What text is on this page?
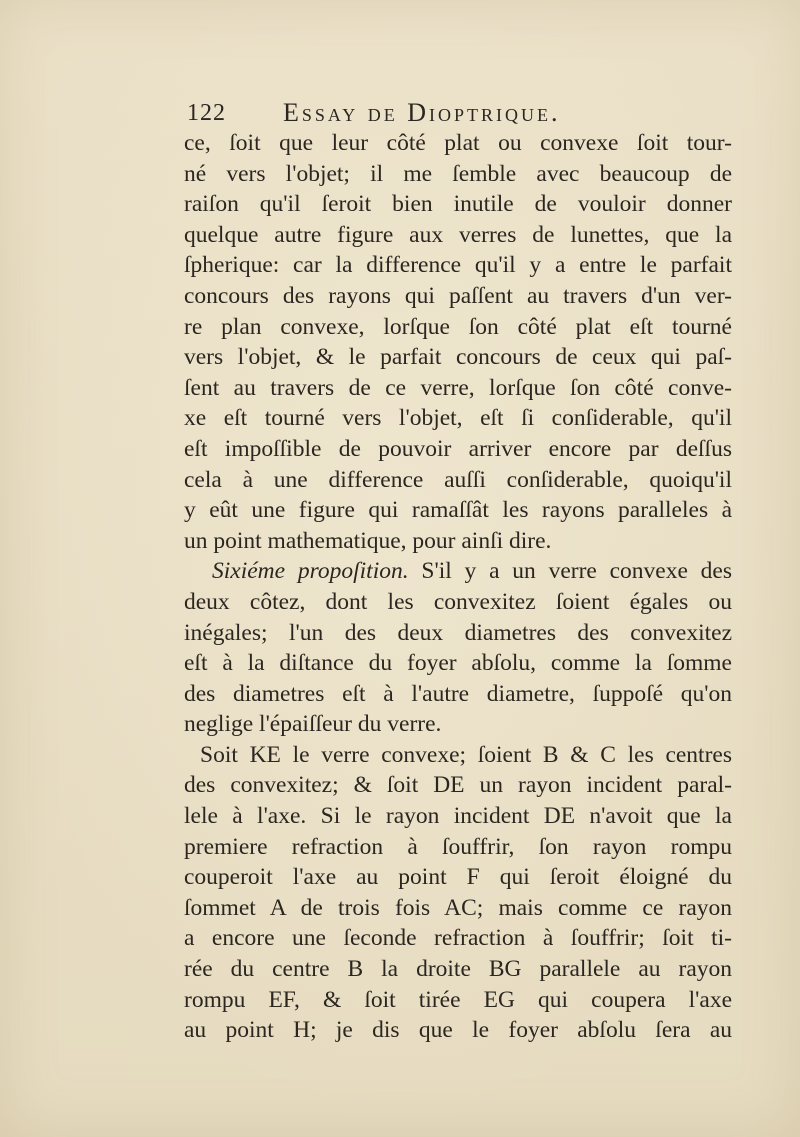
122 Essay de Dioptrique.
ce, ſoit que leur côté plat ou convexe ſoit tour-
né vers l'objet; il me ſemble avec beaucoup de
raiſon qu'il ſeroit bien inutile de vouloir donner
quelque autre figure aux verres de lunettes, que la
ſpherique: car la difference qu'il y a entre le parfait
concours des rayons qui paſſent au travers d'un ver-
re plan convexe, lorſque ſon côté plat eſt tourné
vers l'objet, & le parfait concours de ceux qui paſ-
ſent au travers de ce verre, lorſque ſon côté conve-
xe eſt tourné vers l'objet, eſt ſi conſiderable, qu'il
eſt impoſſible de pouvoir arriver encore par deſſus
cela à une difference auſſi conſiderable, quoiqu'il
y eût une figure qui ramaſſât les rayons paralleles à
un point mathematique, pour ainſi dire.
Sixiéme propoſition. S'il y a un verre convexe des
deux côtez, dont les convexitez ſoient égales ou
inégales; l'un des deux diametres des convexitez
eſt à la diſtance du foyer abſolu, comme la ſomme
des diametres eſt à l'autre diametre, ſuppoſé qu'on
neglige l'épaiſſeur du verre.
Soit KE le verre convexe; ſoient B & C les centres
des convexitez; & ſoit DE un rayon incident paral-
lele à l'axe. Si le rayon incident DE n'avoit que la
premiere refraction à ſouffrir, ſon rayon rompu
couperoit l'axe au point F qui ſeroit éloigné du
ſommet A de trois fois AC; mais comme ce rayon
a encore une ſeconde refraction à ſouffrir; ſoit ti-
rée du centre B la droite BG parallele au rayon
rompu EF, & ſoit tirée EG qui coupera l'axe
au point H; je dis que le foyer abſolu ſera au
